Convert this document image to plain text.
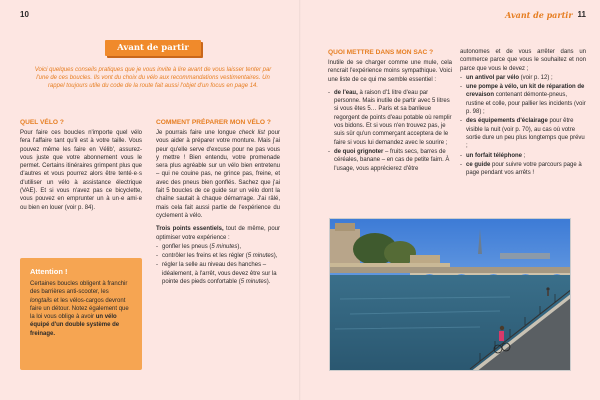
10
Avant de partir
Voici quelques conseils pratiques que je vous invite à lire avant de vous laisser tenter par l'une de ces boucles. Ils vont du choix du vélo aux recommandations vestimentaires. Un rappel toujours utile du code de la route fait aussi l'objet d'un focus en page 14.
QUEL VÉLO ?

Pour faire ces boucles n'importe quel vélo fera l'affaire tant qu'il est à votre taille. Vous pouvez même les faire en Vélib', assurez-vous juste que votre abonnement vous le permet. Certains itinéraires grimpent plus que d'autres et vous pourrez alors être tenté·e·s d'utiliser un vélo à assistance électrique (VAE). Et si vous n'avez pas ce bicyclette, vous pouvez en emprunter un à un·e ami·e ou bien en louer (voir p. 84).

Attention !
Certaines boucles obligent à franchir des barrières anti-scooter, les longtails et les vélos-cargos devront faire un détour. Notez également que la loi vous oblige à avoir un vélo équipé d'un double système de freinage.
COMMENT PRÉPARER MON VÉLO ?

Je pourrais faire une longue check list pour vous aider à préparer votre monture. Mais j'ai peur qu'elle serve d'excuse pour ne pas vous y mettre ! Bien entendu, votre promenade sera plus agréable sur un vélo bien entretenu – qui ne couine pas, ne grince pas, freine, et avec des pneus bien gonflés. Sachez que j'ai fait 5 boucles de ce guide sur un vélo dont la chaîne sautait à chaque démarrage. J'ai râlé, mais cela fait aussi partie de l'expérience du cyclement à vélo.

Trois points essentiels, tout de même, pour optimiser votre expérience :

- gonfler les pneus (5 minutes),
- contrôler les freins et les régler (5 minutes),
- régler la selle au niveau des hanches – idéalement, à l'arrêt, vous devez être sur la pointe des pieds confortable (5 minutes).
Avant de partir 11
QUOI METTRE DANS MON SAC ?

Inutile de se charger comme une mule, cela rencrait l'expérience moins sympathique. Voici une liste de ce qui me semble essentiel :

- de l'eau, à raison d'1 litre d'eau par personne. Mais inutile de partir avec 5 litres si vous êtes 5… Paris et sa banlieue regorgent de points d'eau potable où remplir vos bidons. Et si vous n'en trouvez pas, je suis sûr qu'un commerçant acceptera de le faire si vous lui demandez avec le sourire ;
- de quoi grignoter – fruits secs, barres de céréales, banane – en cas de petite faim. À l'usage, vous apprécierez d'être

autonomes et de vous arrêter dans un commerce parce que vous le souhaitez et non parce que vous le devez ;

- un antivol par vélo (voir p. 12) ;
- une pompe à vélo, un kit de réparation de crevaison contenant démonte-pneus, rustine et colle, pour pallier les incidents (voir p. 98) ;
- des équipements d'éclairage pour être visible la nuit (voir p. 70), au cas où votre sortie dure un peu plus longtemps que prévu ;
- un forfait téléphone ;
- ce guide pour suivre votre parcours page à page pendant vos arrêts !
